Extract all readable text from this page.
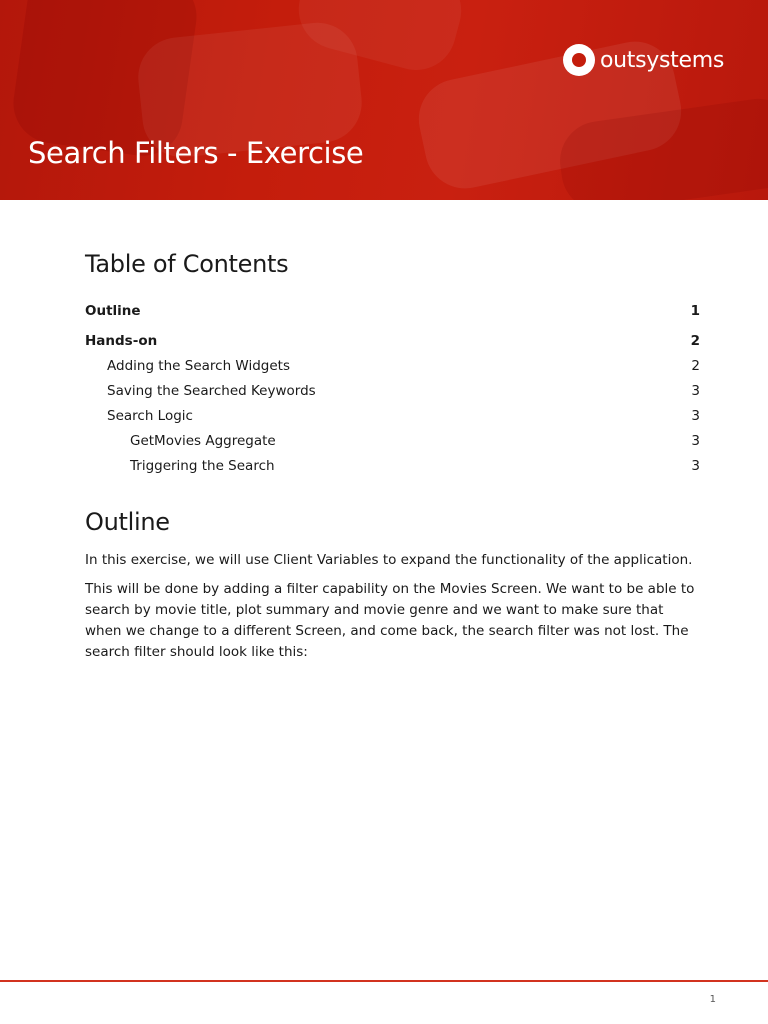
outsystems
Search Filters - Exercise
Table of Contents
Outline	1
Hands-on	2
Adding the Search Widgets	2
Saving the Searched Keywords	3
Search Logic	3
GetMovies Aggregate	3
Triggering the Search	3
Outline

In this exercise, we will use Client Variables to expand the functionality of the application.

This will be done by adding a filter capability on the Movies Screen. We want to be able to search by movie title, plot summary and movie genre and we want to make sure that when we change to a different Screen, and come back, the search filter was not lost. The search filter should look like this:

1
